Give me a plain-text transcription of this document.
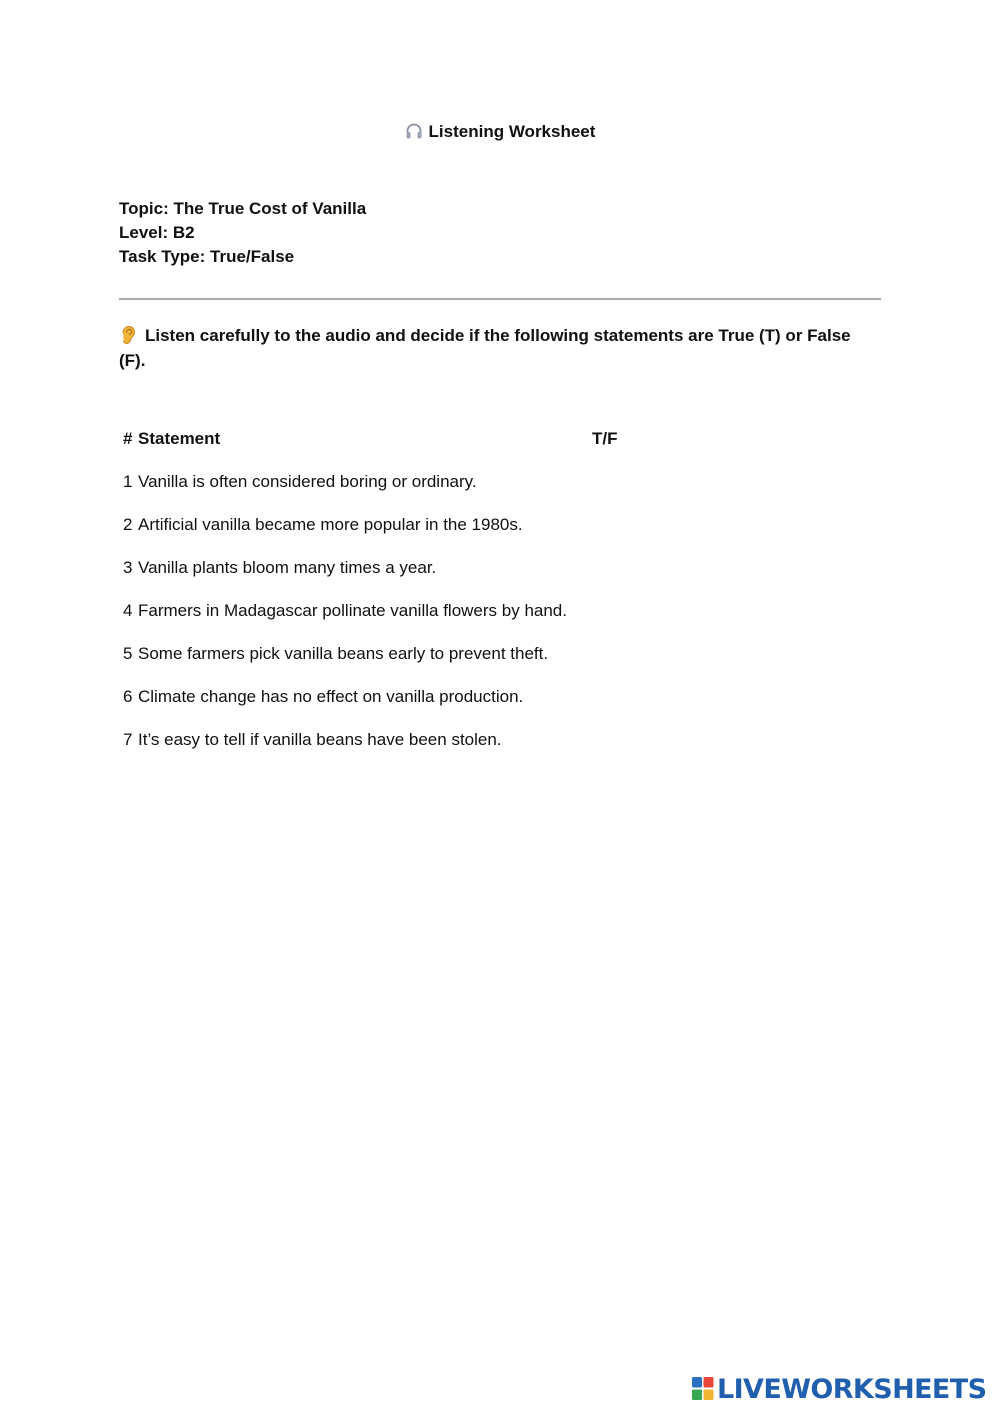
Listening Worksheet
Topic: The True Cost of Vanilla
Level: B2
Task Type: True/False
Listen carefully to the audio and decide if the following statements are True (T) or False (F).
# Statement	T/F
1 Vanilla is often considered boring or ordinary.
2 Artificial vanilla became more popular in the 1980s.
3 Vanilla plants bloom many times a year.
4 Farmers in Madagascar pollinate vanilla flowers by hand.
5 Some farmers pick vanilla beans early to prevent theft.
6 Climate change has no effect on vanilla production.
7 It’s easy to tell if vanilla beans have been stolen.
LIVEWORKSHEETS
